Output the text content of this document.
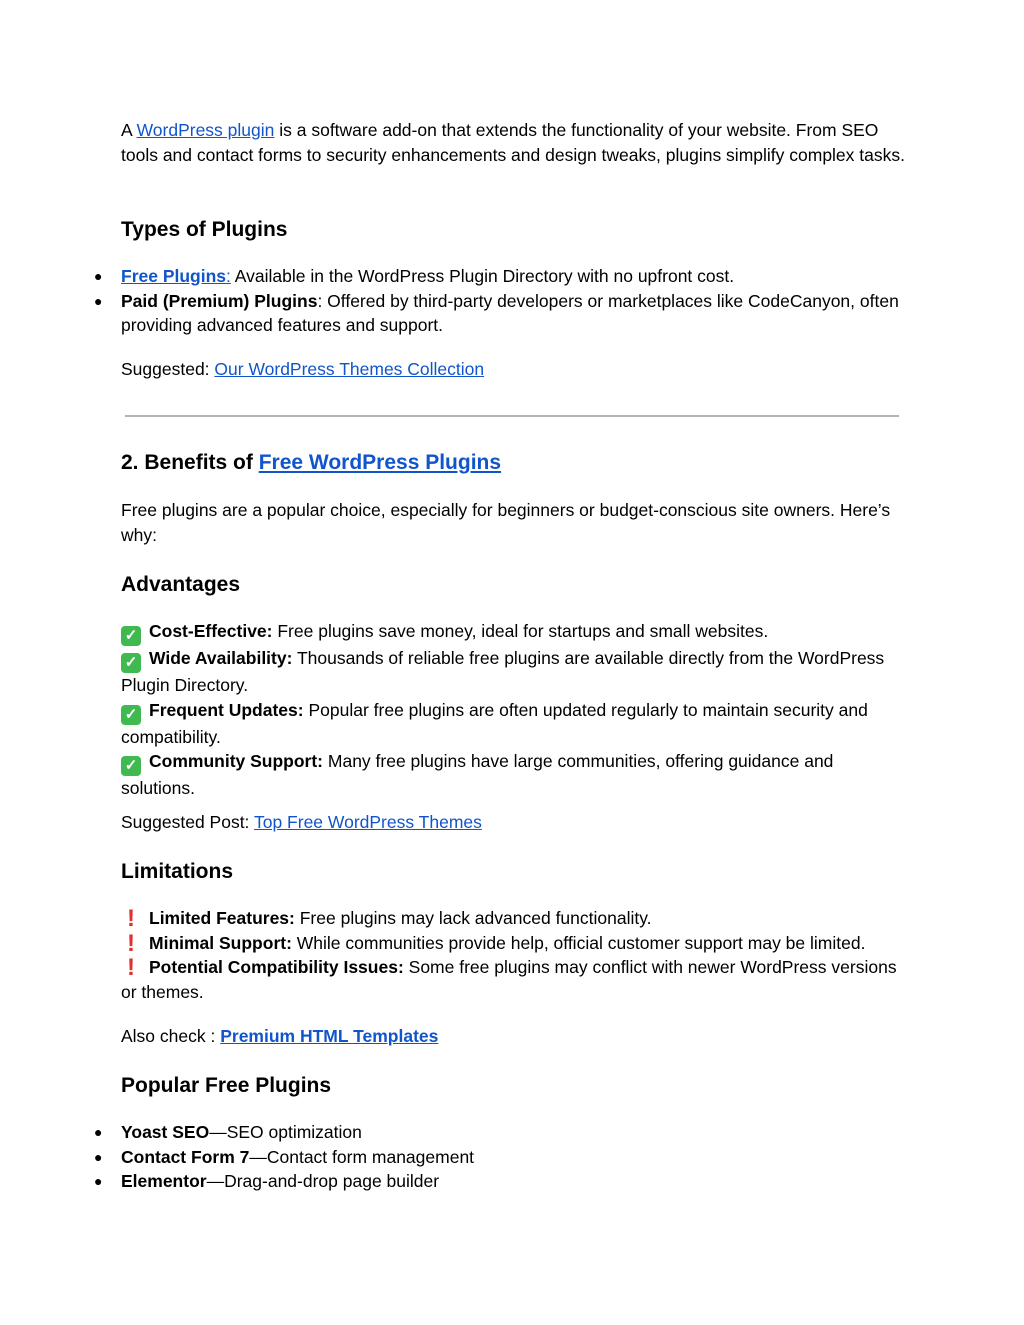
A WordPress plugin is a software add-on that extends the functionality of your website. From SEO tools and contact forms to security enhancements and design tweaks, plugins simplify complex tasks.

Types of Plugins
● Free Plugins: Available in the WordPress Plugin Directory with no upfront cost.
● Paid (Premium) Plugins: Offered by third-party developers or marketplaces like CodeCanyon, often providing advanced features and support.

Suggested: Our WordPress Themes Collection

2. Benefits of Free WordPress Plugins

Free plugins are a popular choice, especially for beginners or budget-conscious site owners. Here’s why:

Advantages

✓ Cost-Effective: Free plugins save money, ideal for startups and small websites.

✓ Wide Availability: Thousands of reliable free plugins are available directly from the WordPress Plugin Directory.

✓ Frequent Updates: Popular free plugins are often updated regularly to maintain security and compatibility.

✓ Community Support: Many free plugins have large communities, offering guidance and solutions.

Suggested Post: Top Free WordPress Themes

Limitations

! Limited Features: Free plugins may lack advanced functionality.

! Minimal Support: While communities provide help, official customer support may be limited.

! Potential Compatibility Issues: Some free plugins may conflict with newer WordPress versions or themes.

Also check : Premium HTML Templates

Popular Free Plugins
● Yoast SEO—SEO optimization
● Contact Form 7—Contact form management
● Elementor—Drag-and-drop page builder
